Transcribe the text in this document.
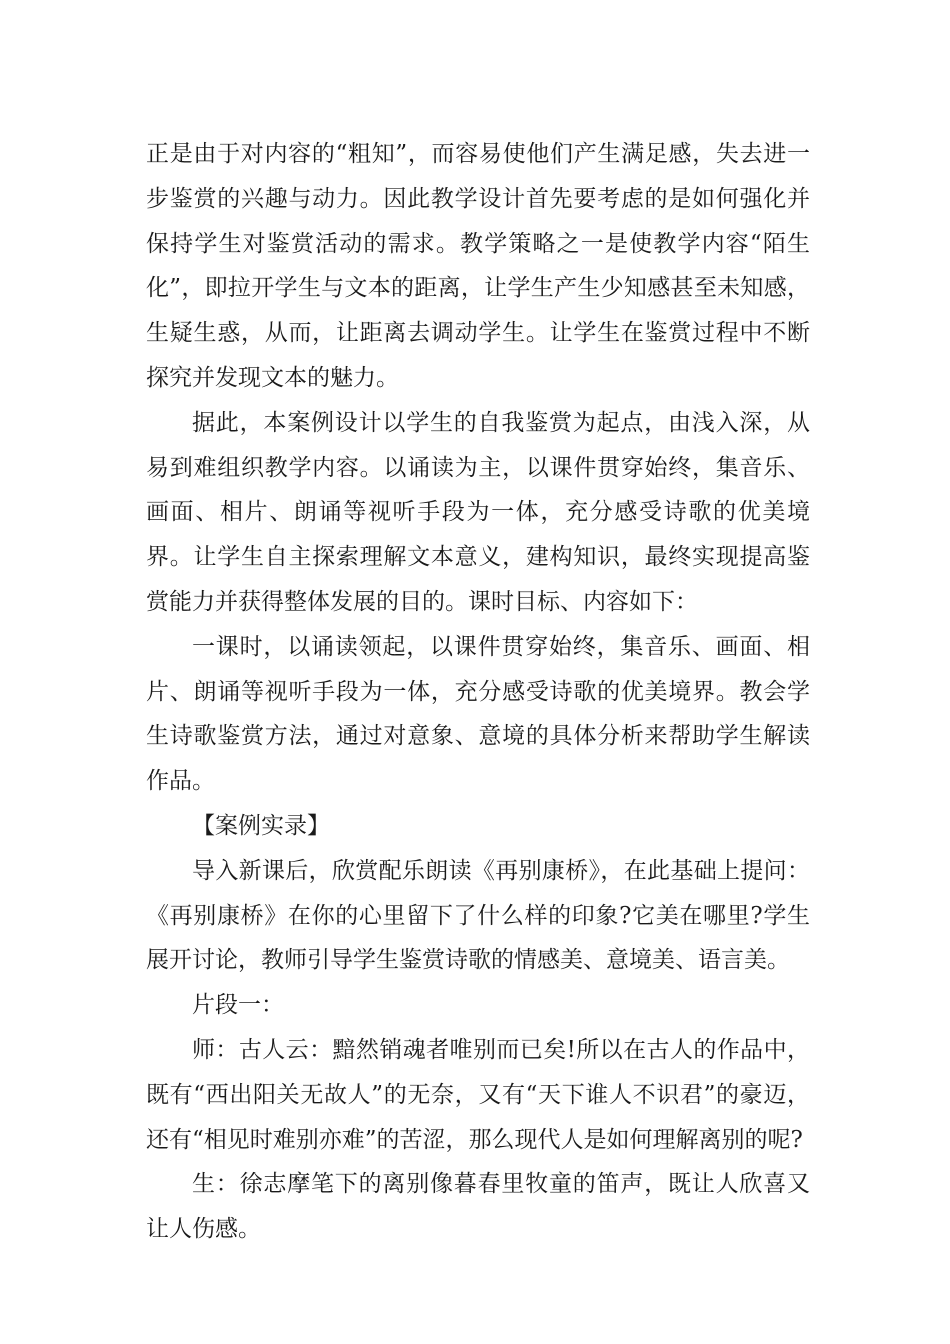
正是由于对内容的“粗知”，而容易使他们产生满足感，失去进一步鉴赏的兴趣与动力。因此教学设计首先要考虑的是如何强化并保持学生对鉴赏活动的需求。教学策略之一是使教学内容“陌生化”，即拉开学生与文本的距离，让学生产生少知感甚至未知感，生疑生惑，从而，让距离去调动学生。让学生在鉴赏过程中不断探究并发现文本的魅力。

据此，本案例设计以学生的自我鉴赏为起点，由浅入深，从易到难组织教学内容。以诵读为主，以课件贯穿始终，集音乐、画面、相片、朗诵等视听手段为一体，充分感受诗歌的优美境界。让学生自主探索理解文本意义，建构知识，最终实现提高鉴赏能力并获得整体发展的目的。课时目标、内容如下：

一课时，以诵读领起，以课件贯穿始终，集音乐、画面、相片、朗诵等视听手段为一体，充分感受诗歌的优美境界。教会学生诗歌鉴赏方法，通过对意象、意境的具体分析来帮助学生解读作品。

【案例实录】

导入新课后，欣赏配乐朗读《再别康桥》，在此基础上提问：《再别康桥》在你的心里留下了什么样的印象?它美在哪里?学生展开讨论，教师引导学生鉴赏诗歌的情感美、意境美、语言美。

片段一：

师：古人云：黯然销魂者唯别而已矣!所以在古人的作品中，既有“西出阳关无故人”的无奈，又有“天下谁人不识君”的豪迈，还有“相见时难别亦难”的苦涩，那么现代人是如何理解离别的呢?

生：徐志摩笔下的离别像暮春里牧童的笛声，既让人欣喜又让人伤感。
